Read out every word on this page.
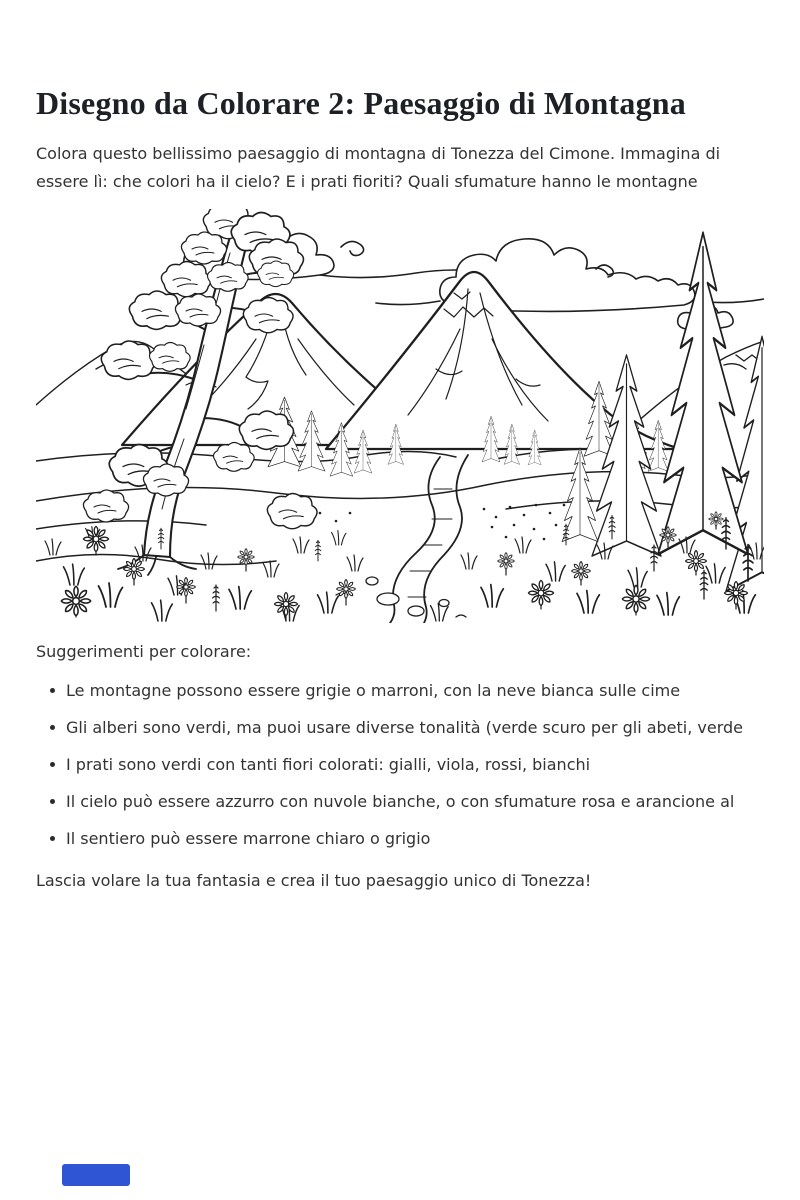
Disegno da Colorare 2: Paesaggio di Montagna

Colora questo bellissimo paesaggio di montagna di Tonezza del Cimone. Immagina di essere lì: che colori ha il cielo? E i prati fioriti? Quali sfumature hanno le montagne

Suggerimenti per colorare:

Le montagne possono essere grigie o marroni, con la neve bianca sulle cime
Gli alberi sono verdi, ma puoi usare diverse tonalità (verde scuro per gli abeti, verde
I prati sono verdi con tanti fiori colorati: gialli, viola, rossi, bianchi
Il cielo può essere azzurro con nuvole bianche, o con sfumature rosa e arancione al
Il sentiero può essere marrone chiaro o grigio

Lascia volare la tua fantasia e crea il tuo paesaggio unico di Tonezza!
